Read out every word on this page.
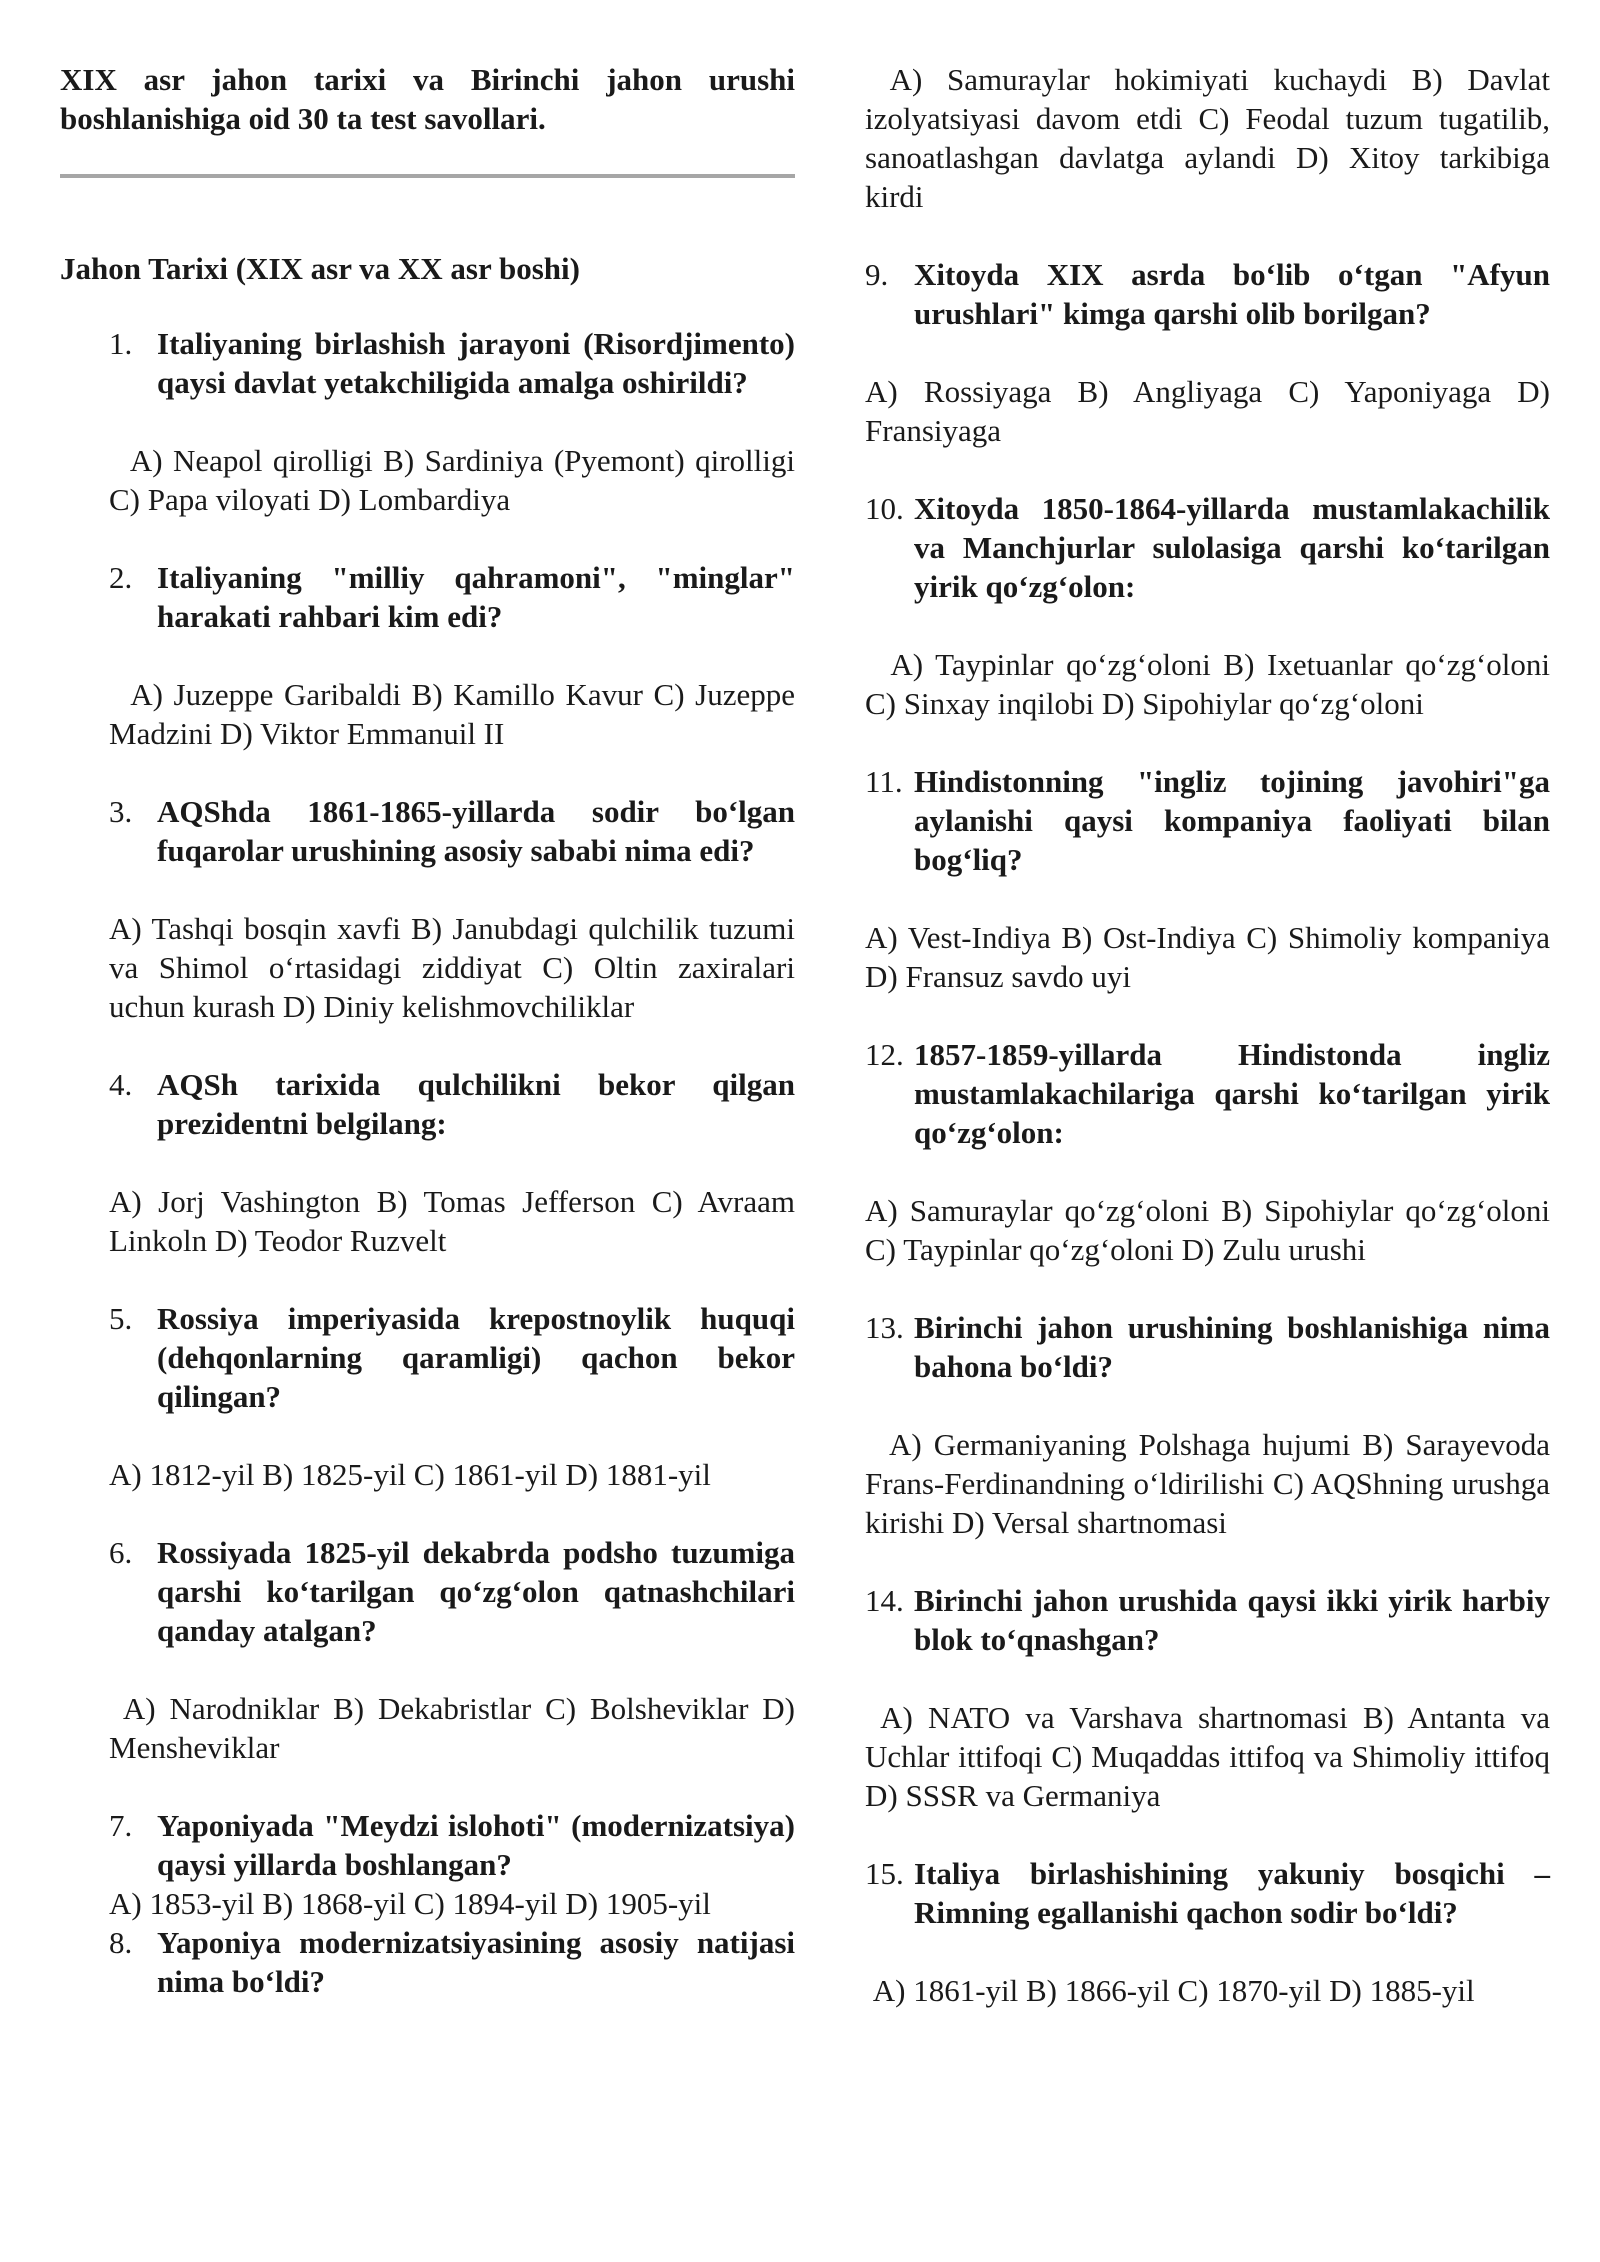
XIX asr jahon tarixi va Birinchi jahon urushi boshlanishiga oid 30 ta test savollari.

Jahon Tarixi (XIX asr va XX asr boshi)

1. Italiyaning birlashish jarayoni (Risordjimento) qaysi davlat yetakchiligida amalga oshirildi?

A) Neapol qirolligi B) Sardiniya (Pyemont) qirolligi C) Papa viloyati D) Lombardiya

2. Italiyaning "milliy qahramoni", "minglar" harakati rahbari kim edi?

A) Juzeppe Garibaldi B) Kamillo Kavur C) Juzeppe Madzini D) Viktor Emmanuil II

3. AQShda 1861-1865-yillarda sodir bo‘lgan fuqarolar urushining asosiy sababi nima edi?

A) Tashqi bosqin xavfi B) Janubdagi qulchilik tuzumi va Shimol o‘rtasidagi ziddiyat C) Oltin zaxiralari uchun kurash D) Diniy kelishmovchiliklar

4. AQSh tarixida qulchilikni bekor qilgan prezidentni belgilang:

A) Jorj Vashington B) Tomas Jefferson C) Avraam Linkoln D) Teodor Ruzvelt

5. Rossiya imperiyasida krepostnoylik huquqi (dehqonlarning qaramligi) qachon bekor qilingan?

A) 1812-yil B) 1825-yil C) 1861-yil D) 1881-yil

6. Rossiyada 1825-yil dekabrda podsho tuzumiga qarshi ko‘tarilgan qo‘zg‘olon qatnashchilari qanday atalgan?

A) Narodniklar B) Dekabristlar C) Bolsheviklar D) Mensheviklar

7. Yaponiyada "Meydzi islohoti" (modernizatsiya) qaysi yillarda boshlangan?

A) 1853-yil B) 1868-yil C) 1894-yil D) 1905-yil

8. Yaponiya modernizatsiyasining asosiy natijasi nima bo‘ldi?

A) Samuraylar hokimiyati kuchaydi B) Davlat izolyatsiyasi davom etdi C) Feodal tuzum tugatilib, sanoatlashgan davlatga aylandi D) Xitoy tarkibiga kirdi

9. Xitoyda XIX asrda bo‘lib o‘tgan "Afyun urushlari" kimga qarshi olib borilgan?

A) Rossiyaga B) Angliyaga C) Yaponiyaga D) Fransiyaga

10. Xitoyda 1850-1864-yillarda mustamlakachilik va Manchjurlar sulolasiga qarshi ko‘tarilgan yirik qo‘zg‘olon:

A) Taypinlar qo‘zg‘oloni B) Ixetuanlar qo‘zg‘oloni C) Sinxay inqilobi D) Sipohiylar qo‘zg‘oloni

11. Hindistonning "ingliz tojining javohiri"ga aylanishi qaysi kompaniya faoliyati bilan bog‘liq?

A) Vest-Indiya B) Ost-Indiya C) Shimoliy kompaniya D) Fransuz savdo uyi

12. 1857-1859-yillarda Hindistonda ingliz mustamlakachilariga qarshi ko‘tarilgan yirik qo‘zg‘olon:

A) Samuraylar qo‘zg‘oloni B) Sipohiylar qo‘zg‘oloni C) Taypinlar qo‘zg‘oloni D) Zulu urushi

13. Birinchi jahon urushining boshlanishiga nima bahona bo‘ldi?

A) Germaniyaning Polshaga hujumi B) Sarayevoda Frans-Ferdinandning o‘ldirilishi C) AQShning urushga kirishi D) Versal shartnomasi

14. Birinchi jahon urushida qaysi ikki yirik harbiy blok to‘qnashgan?

A) NATO va Varshava shartnomasi B) Antanta va Uchlar ittifoqi C) Muqaddas ittifoq va Shimoliy ittifoq D) SSSR va Germaniya

15. Italiya birlashishining yakuniy bosqichi – Rimning egallanishi qachon sodir bo‘ldi?

A) 1861-yil B) 1866-yil C) 1870-yil D) 1885-yil
